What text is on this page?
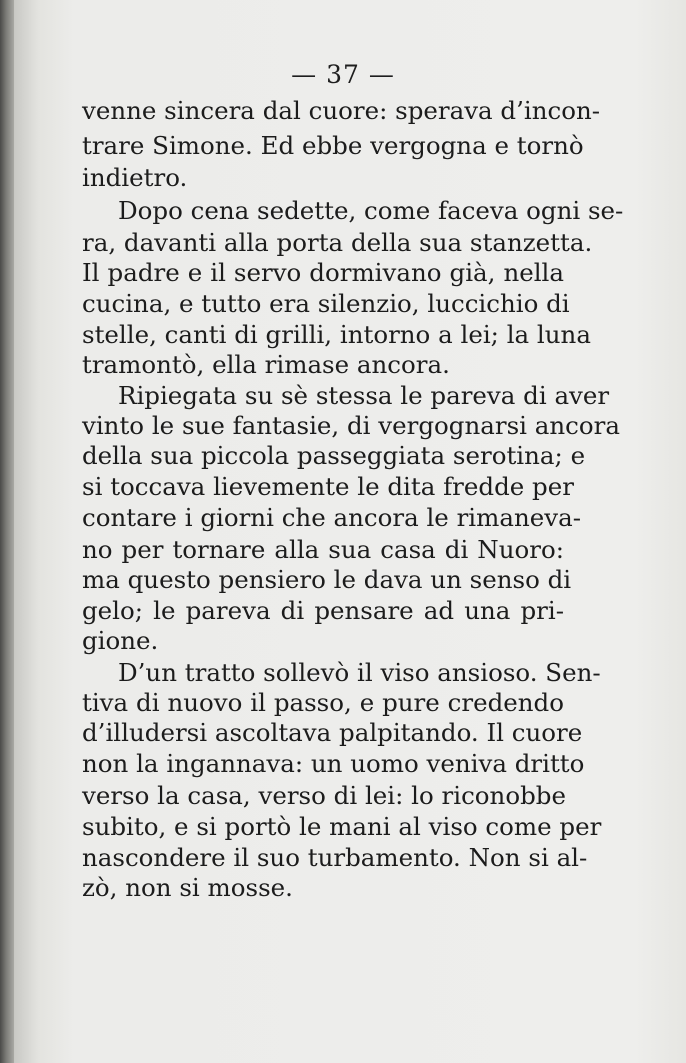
— 37 —
venne sincera dal cuore: sperava d’incon-
trare Simone. Ed ebbe vergogna e tornò
indietro.
Dopo cena sedette, come faceva ogni se-
ra, davanti alla porta della sua stanzetta.
Il padre e il servo dormivano già, nella
cucina, e tutto era silenzio, luccichio di
stelle, canti di grilli, intorno a lei; la luna
tramontò, ella rimase ancora.
Ripiegata su sè stessa le pareva di aver
vinto le sue fantasie, di vergognarsi ancora
della sua piccola passeggiata serotina; e
si toccava lievemente le dita fredde per
contare i giorni che ancora le rimaneva-
no per tornare alla sua casa di Nuoro:
ma questo pensiero le dava un senso di
gelo; le pareva di pensare ad una pri-
gione.
D’un tratto sollevò il viso ansioso. Sen-
tiva di nuovo il passo, e pure credendo
d’illudersi ascoltava palpitando. Il cuore
non la ingannava: un uomo veniva dritto
verso la casa, verso di lei: lo riconobbe
subito, e si portò le mani al viso come per
nascondere il suo turbamento. Non si al-
zò, non si mosse.
